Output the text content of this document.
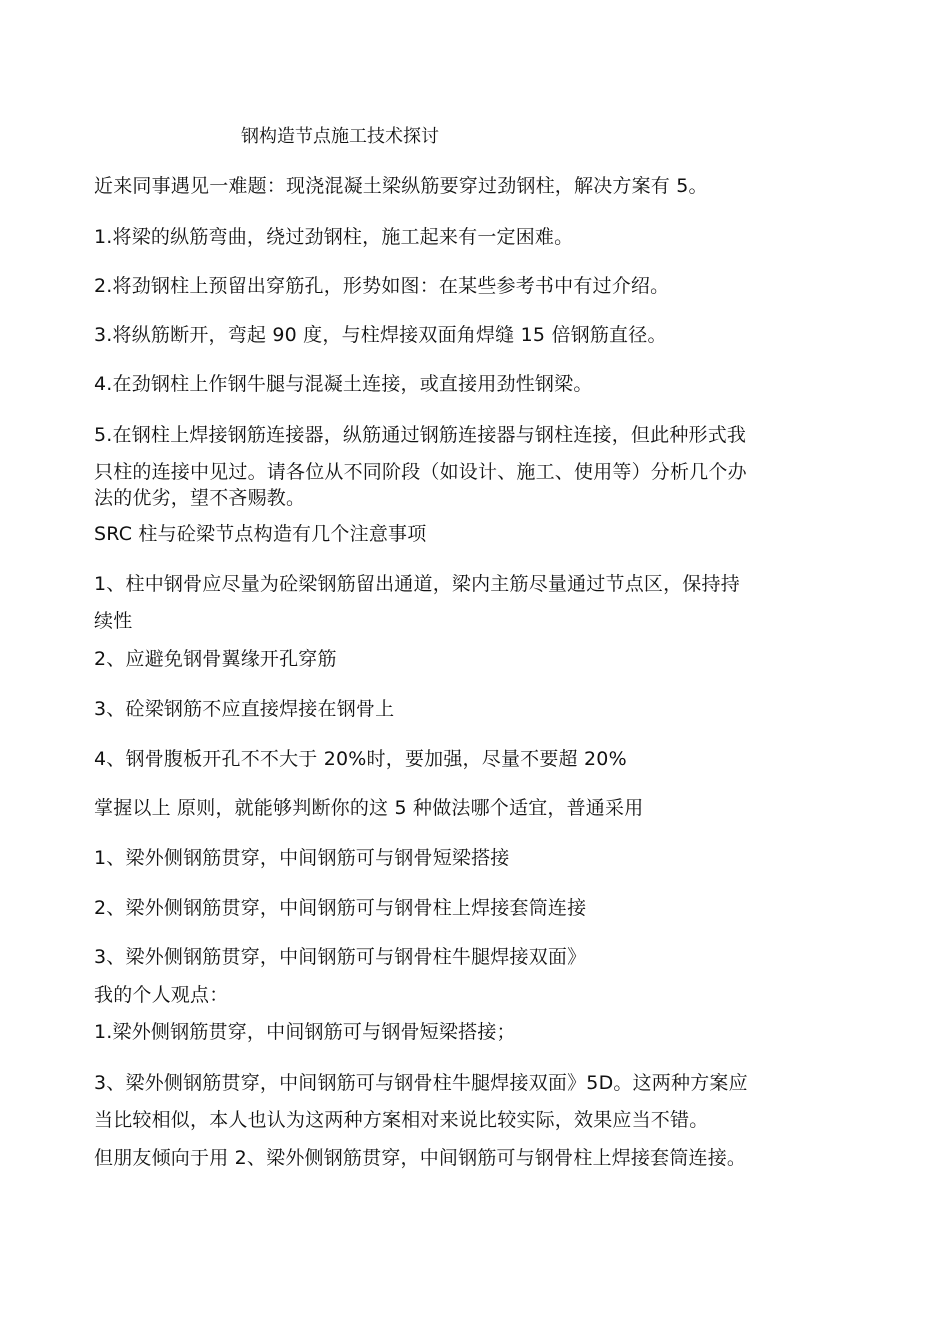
钢构造节点施工技术探讨
近来同事遇见一难题：现浇混凝土梁纵筋要穿过劲钢柱，解决方案有 5。
1.将梁的纵筋弯曲，绕过劲钢柱，施工起来有一定困难。
2.将劲钢柱上预留出穿筋孔，形势如图：在某些参考书中有过介绍。
3.将纵筋断开，弯起 90 度，与柱焊接双面角焊缝 15 倍钢筋直径。
4.在劲钢柱上作钢牛腿与混凝土连接，或直接用劲性钢梁。
5.在钢柱上焊接钢筋连接器，纵筋通过钢筋连接器与钢柱连接，但此种形式我
只柱的连接中见过。请各位从不同阶段（如设计、施工、使用等）分析几个办
法的优劣，望不吝赐教。
SRC 柱与砼梁节点构造有几个注意事项
1、柱中钢骨应尽量为砼梁钢筋留出通道，梁内主筋尽量通过节点区，保持持
续性
2、应避免钢骨翼缘开孔穿筋
3、砼梁钢筋不应直接焊接在钢骨上
4、钢骨腹板开孔不不大于 20%时，要加强，尽量不要超 20%
掌握以上 原则，就能够判断你的这 5 种做法哪个适宜，普通采用
1、梁外侧钢筋贯穿，中间钢筋可与钢骨短梁搭接
2、梁外侧钢筋贯穿，中间钢筋可与钢骨柱上焊接套筒连接
3、梁外侧钢筋贯穿，中间钢筋可与钢骨柱牛腿焊接双面》
我的个人观点：
1.梁外侧钢筋贯穿，中间钢筋可与钢骨短梁搭接；
3、梁外侧钢筋贯穿，中间钢筋可与钢骨柱牛腿焊接双面》5D。这两种方案应
当比较相似，本人也认为这两种方案相对来说比较实际，效果应当不错。
但朋友倾向于用 2、梁外侧钢筋贯穿，中间钢筋可与钢骨柱上焊接套筒连接。
